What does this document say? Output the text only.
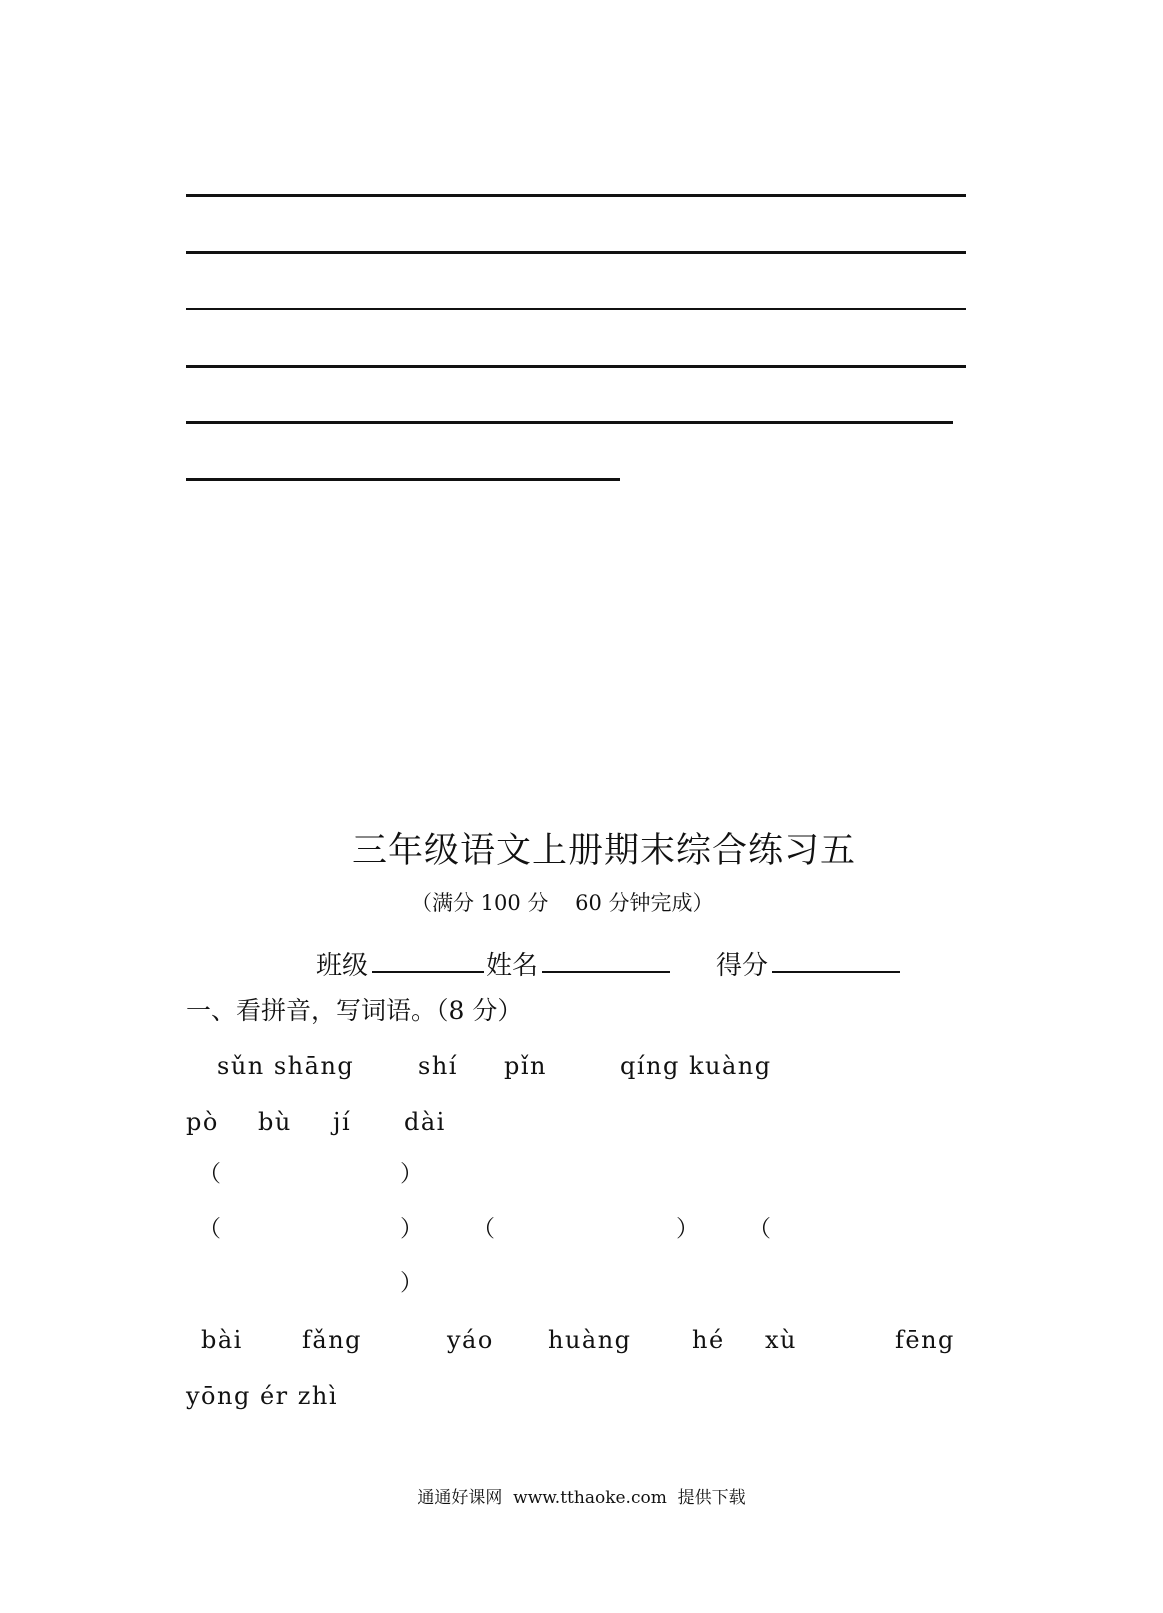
三年级语文上册期末综合练习五
（满分 100 分    60 分钟完成）
班级	姓名	得分
一、看拼音，写词语。（8 分）
sǔn shāng	shí pǐn	qíng kuàng
pò bù jí dài
（	）
（	） （	） （
）
bài fǎng	yáo huàng	hé xù	fēng
yōng ér zhì
通通好课网  www.tthaoke.com  提供下载
